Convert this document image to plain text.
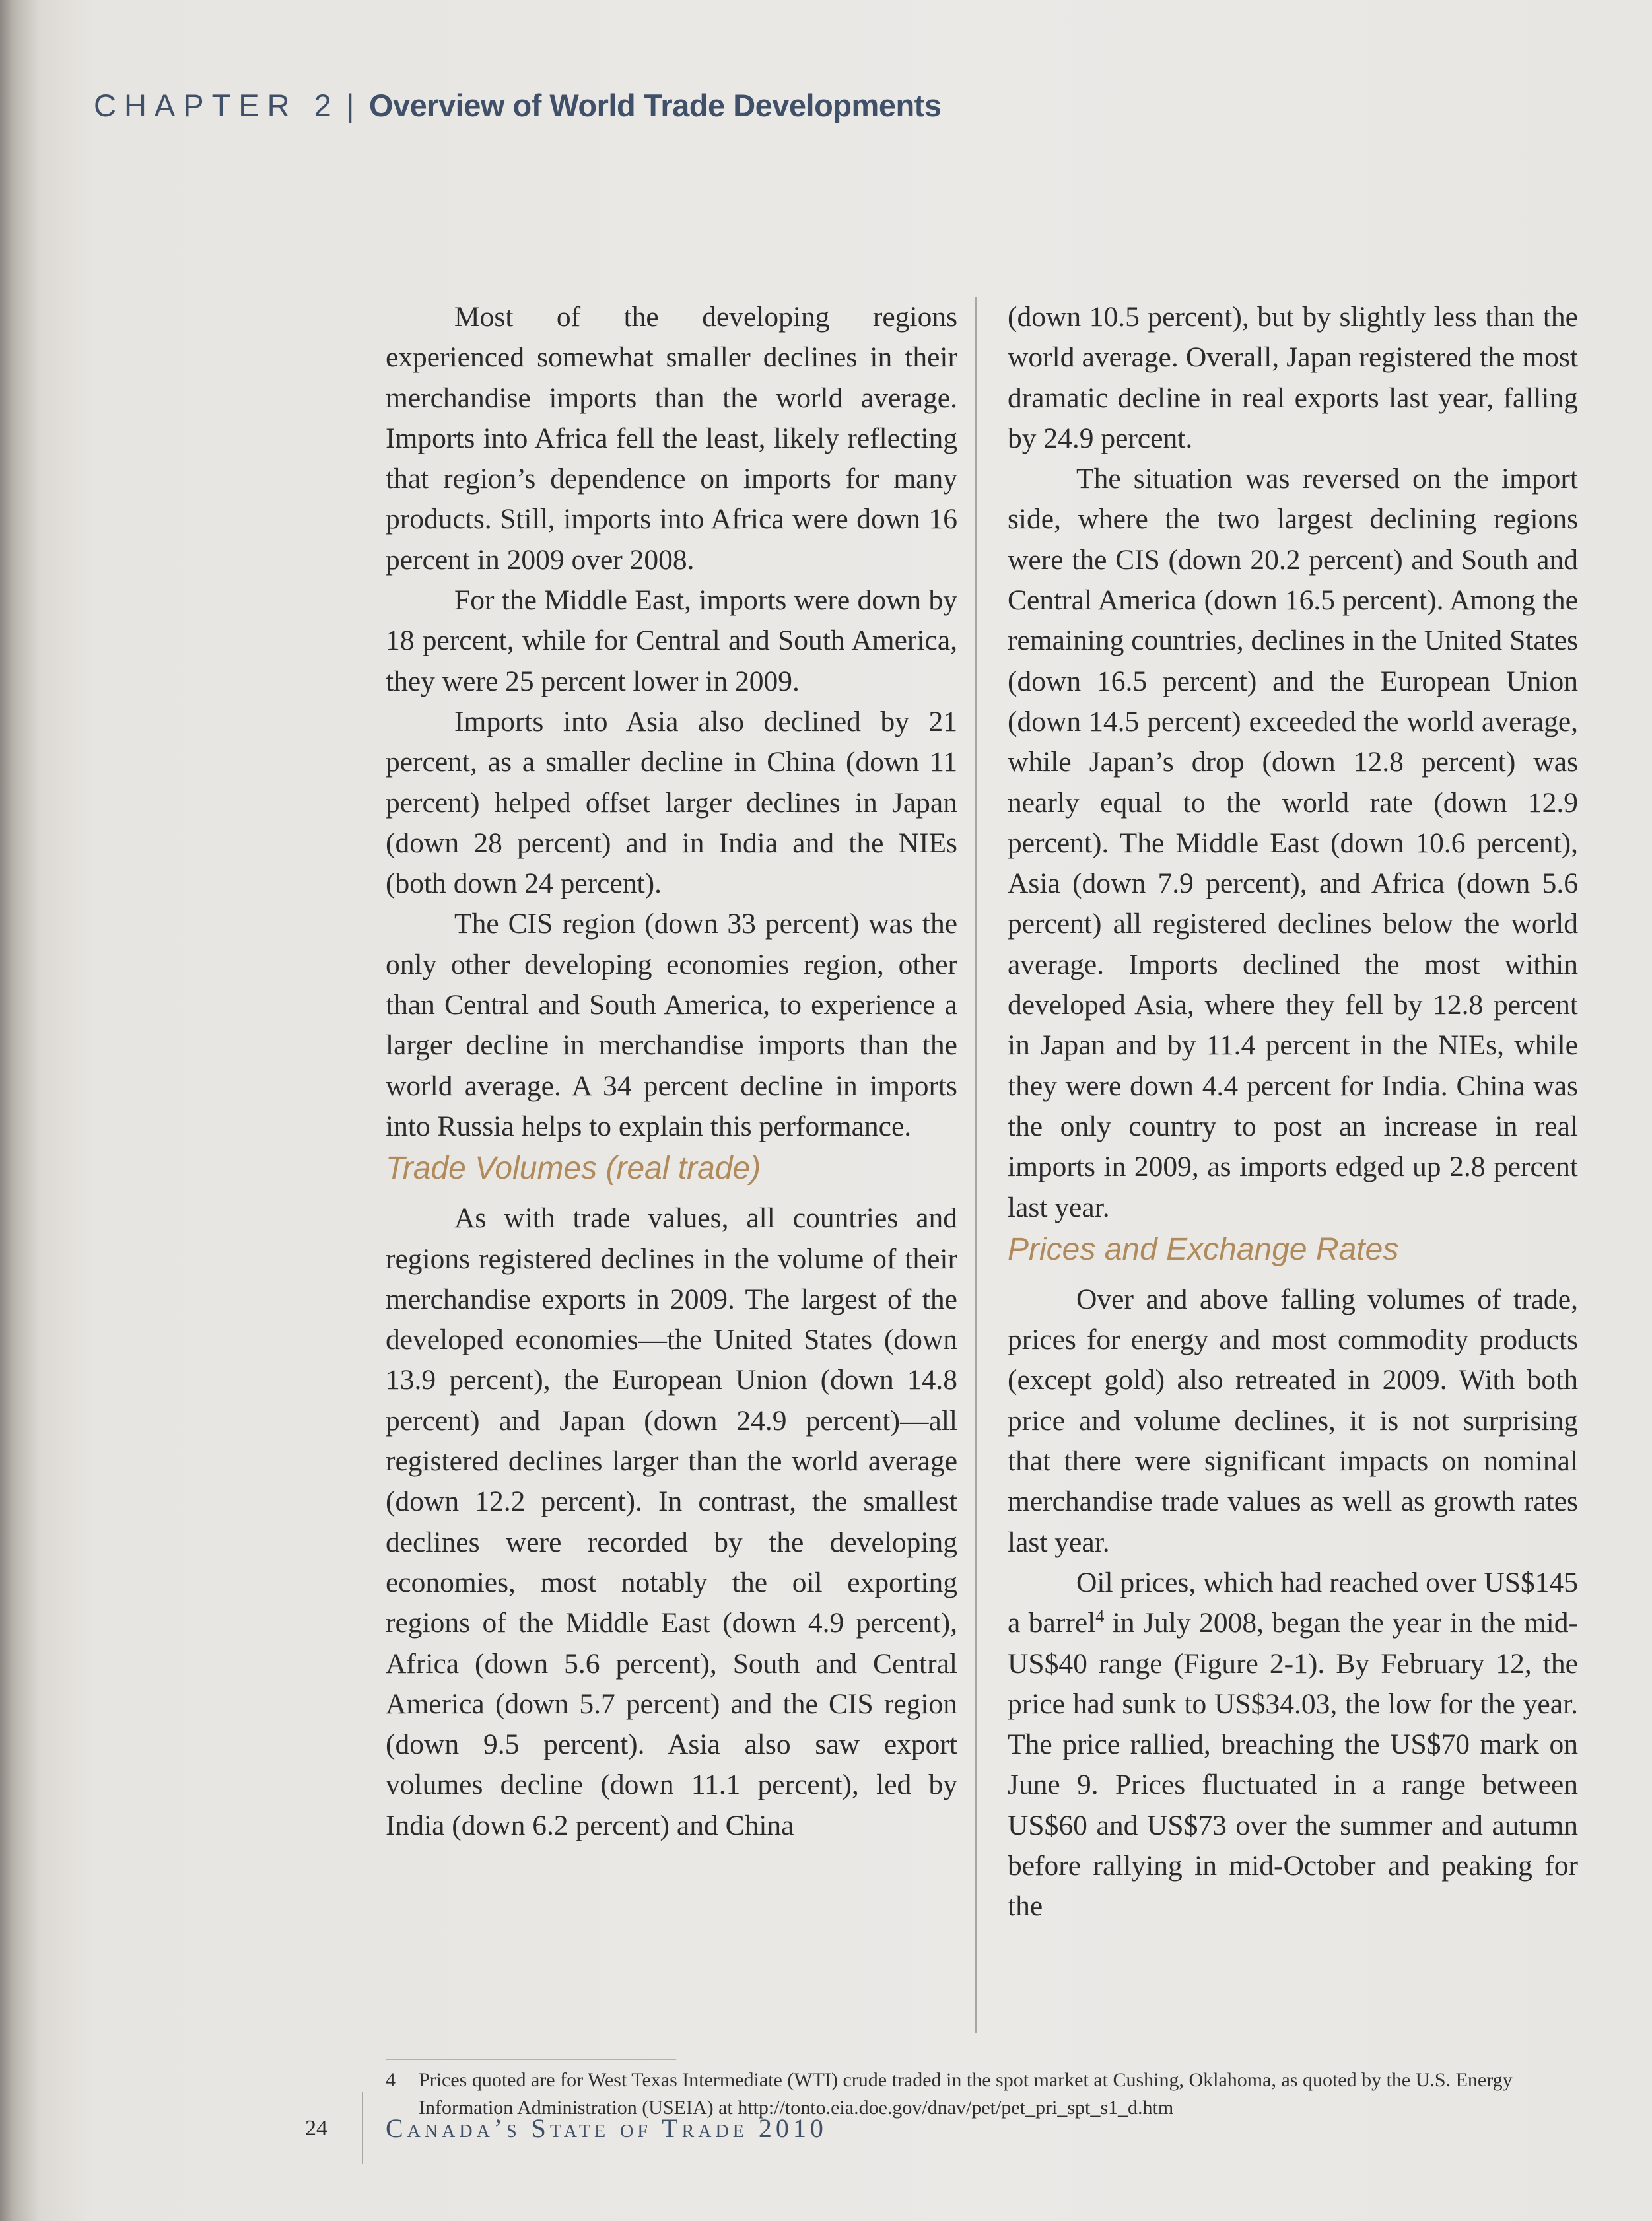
CHAPTER 2 | Overview of World Trade Developments

Most of the developing regions experienced somewhat smaller declines in their merchandise imports than the world average. Imports into Africa fell the least, likely reflecting that region’s dependence on imports for many products. Still, imports into Africa were down 16 percent in 2009 over 2008.

For the Middle East, imports were down by 18 percent, while for Central and South America, they were 25 percent lower in 2009.

Imports into Asia also declined by 21 percent, as a smaller decline in China (down 11 percent) helped offset larger declines in Japan (down 28 percent) and in India and the NIEs (both down 24 percent).

The CIS region (down 33 percent) was the only other developing economies region, other than Central and South America, to experience a larger decline in merchandise imports than the world average. A 34 percent decline in imports into Russia helps to explain this performance.

Trade Volumes (real trade)

As with trade values, all countries and regions registered declines in the volume of their merchandise exports in 2009. The largest of the developed economies—the United States (down 13.9 percent), the European Union (down 14.8 percent) and Japan (down 24.9 percent)—all registered declines larger than the world average (down 12.2 percent). In contrast, the smallest declines were recorded by the developing economies, most notably the oil exporting regions of the Middle East (down 4.9 percent), Africa (down 5.6 percent), South and Central America (down 5.7 percent) and the CIS region (down 9.5 percent). Asia also saw export volumes decline (down 11.1 percent), led by India (down 6.2 percent) and China

(down 10.5 percent), but by slightly less than the world average. Overall, Japan registered the most dramatic decline in real exports last year, falling by 24.9 percent.

The situation was reversed on the import side, where the two largest declining regions were the CIS (down 20.2 percent) and South and Central America (down 16.5 percent). Among the remaining countries, declines in the United States (down 16.5 percent) and the European Union (down 14.5 percent) exceeded the world average, while Japan’s drop (down 12.8 percent) was nearly equal to the world rate (down 12.9 percent). The Middle East (down 10.6 percent), Asia (down 7.9 percent), and Africa (down 5.6 percent) all registered declines below the world average. Imports declined the most within developed Asia, where they fell by 12.8 percent in Japan and by 11.4 percent in the NIEs, while they were down 4.4 percent for India. China was the only country to post an increase in real imports in 2009, as imports edged up 2.8 percent last year.

Prices and Exchange Rates

Over and above falling volumes of trade, prices for energy and most commodity products (except gold) also retreated in 2009. With both price and volume declines, it is not surprising that there were significant impacts on nominal merchandise trade values as well as growth rates last year.

Oil prices, which had reached over US$145 a barrel$^4$ in July 2008, began the year in the mid-US$40 range (Figure 2-1). By February 12, the price had sunk to US$34.03, the low for the year. The price rallied, breaching the US$70 mark on June 9. Prices fluctuated in a range between US$60 and US$73 over the summer and autumn before rallying in mid-October and peaking for the

4 Prices quoted are for West Texas Intermediate (WTI) crude traded in the spot market at Cushing, Oklahoma, as quoted by the U.S. Energy Information Administration (USEIA) at http://tonto.eia.doe.gov/dnav/pet/pet_pri_spt_s1_d.htm
24 Canada’s State of Trade 2010
